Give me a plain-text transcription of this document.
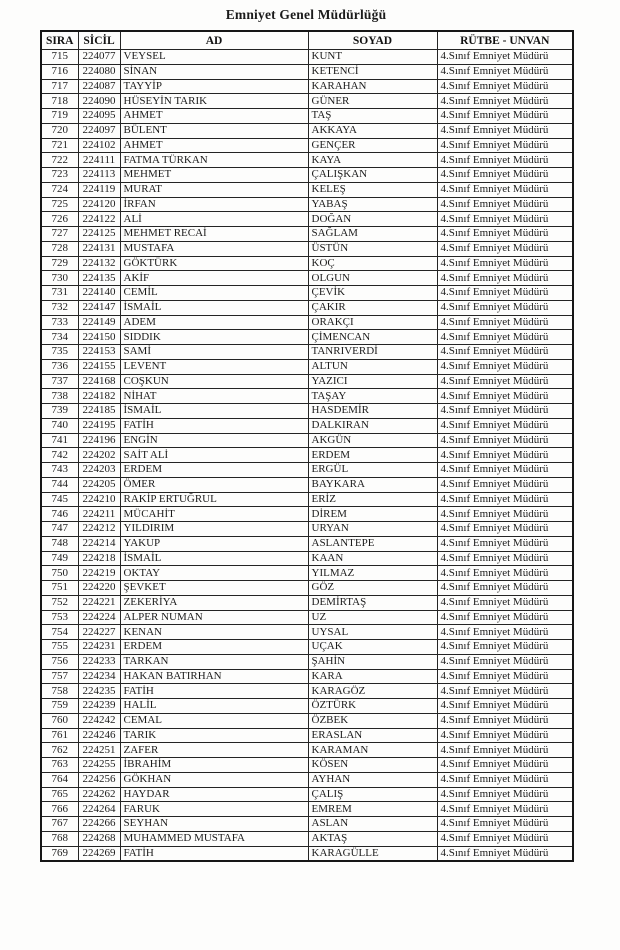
Emniyet Genel Müdürlüğü
SIRA	SİCİL	AD	SOYAD	RÜTBE - UNVAN
715	224077	VEYSEL	KUNT	4.Sınıf Emniyet Müdürü
716	224080	SİNAN	KETENCİ	4.Sınıf Emniyet Müdürü
717	224087	TAYYİP	KARAHAN	4.Sınıf Emniyet Müdürü
718	224090	HÜSEYİN TARIK	GÜNER	4.Sınıf Emniyet Müdürü
719	224095	AHMET	TAŞ	4.Sınıf Emniyet Müdürü
720	224097	BÜLENT	AKKAYA	4.Sınıf Emniyet Müdürü
721	224102	AHMET	GENÇER	4.Sınıf Emniyet Müdürü
722	224111	FATMA TÜRKAN	KAYA	4.Sınıf Emniyet Müdürü
723	224113	MEHMET	ÇALIŞKAN	4.Sınıf Emniyet Müdürü
724	224119	MURAT	KELEŞ	4.Sınıf Emniyet Müdürü
725	224120	İRFAN	YABAŞ	4.Sınıf Emniyet Müdürü
726	224122	ALİ	DOĞAN	4.Sınıf Emniyet Müdürü
727	224125	MEHMET RECAİ	SAĞLAM	4.Sınıf Emniyet Müdürü
728	224131	MUSTAFA	ÜSTÜN	4.Sınıf Emniyet Müdürü
729	224132	GÖKTÜRK	KOÇ	4.Sınıf Emniyet Müdürü
730	224135	AKİF	OLGUN	4.Sınıf Emniyet Müdürü
731	224140	CEMİL	ÇEVİK	4.Sınıf Emniyet Müdürü
732	224147	İSMAİL	ÇAKIR	4.Sınıf Emniyet Müdürü
733	224149	ADEM	ORAKÇI	4.Sınıf Emniyet Müdürü
734	224150	SIDDIK	ÇİMENCAN	4.Sınıf Emniyet Müdürü
735	224153	SAMİ	TANRIVERDİ	4.Sınıf Emniyet Müdürü
736	224155	LEVENT	ALTUN	4.Sınıf Emniyet Müdürü
737	224168	COŞKUN	YAZICI	4.Sınıf Emniyet Müdürü
738	224182	NİHAT	TAŞAY	4.Sınıf Emniyet Müdürü
739	224185	İSMAİL	HASDEMİR	4.Sınıf Emniyet Müdürü
740	224195	FATİH	DALKIRAN	4.Sınıf Emniyet Müdürü
741	224196	ENGİN	AKGÜN	4.Sınıf Emniyet Müdürü
742	224202	SAİT ALİ	ERDEM	4.Sınıf Emniyet Müdürü
743	224203	ERDEM	ERGÜL	4.Sınıf Emniyet Müdürü
744	224205	ÖMER	BAYKARA	4.Sınıf Emniyet Müdürü
745	224210	RAKİP ERTUĞRUL	ERİZ	4.Sınıf Emniyet Müdürü
746	224211	MÜCAHİT	DİREM	4.Sınıf Emniyet Müdürü
747	224212	YILDIRIM	URYAN	4.Sınıf Emniyet Müdürü
748	224214	YAKUP	ASLANTEPE	4.Sınıf Emniyet Müdürü
749	224218	İSMAİL	KAAN	4.Sınıf Emniyet Müdürü
750	224219	OKTAY	YILMAZ	4.Sınıf Emniyet Müdürü
751	224220	ŞEVKET	GÖZ	4.Sınıf Emniyet Müdürü
752	224221	ZEKERİYA	DEMİRTAŞ	4.Sınıf Emniyet Müdürü
753	224224	ALPER NUMAN	UZ	4.Sınıf Emniyet Müdürü
754	224227	KENAN	UYSAL	4.Sınıf Emniyet Müdürü
755	224231	ERDEM	UÇAK	4.Sınıf Emniyet Müdürü
756	224233	TARKAN	ŞAHİN	4.Sınıf Emniyet Müdürü
757	224234	HAKAN BATIRHAN	KARA	4.Sınıf Emniyet Müdürü
758	224235	FATİH	KARAGÖZ	4.Sınıf Emniyet Müdürü
759	224239	HALİL	ÖZTÜRK	4.Sınıf Emniyet Müdürü
760	224242	CEMAL	ÖZBEK	4.Sınıf Emniyet Müdürü
761	224246	TARIK	ERASLAN	4.Sınıf Emniyet Müdürü
762	224251	ZAFER	KARAMAN	4.Sınıf Emniyet Müdürü
763	224255	İBRAHİM	KÖSEN	4.Sınıf Emniyet Müdürü
764	224256	GÖKHAN	AYHAN	4.Sınıf Emniyet Müdürü
765	224262	HAYDAR	ÇALIŞ	4.Sınıf Emniyet Müdürü
766	224264	FARUK	EMREM	4.Sınıf Emniyet Müdürü
767	224266	SEYHAN	ASLAN	4.Sınıf Emniyet Müdürü
768	224268	MUHAMMED MUSTAFA	AKTAŞ	4.Sınıf Emniyet Müdürü
769	224269	FATİH	KARAGÜLLE	4.Sınıf Emniyet Müdürü
